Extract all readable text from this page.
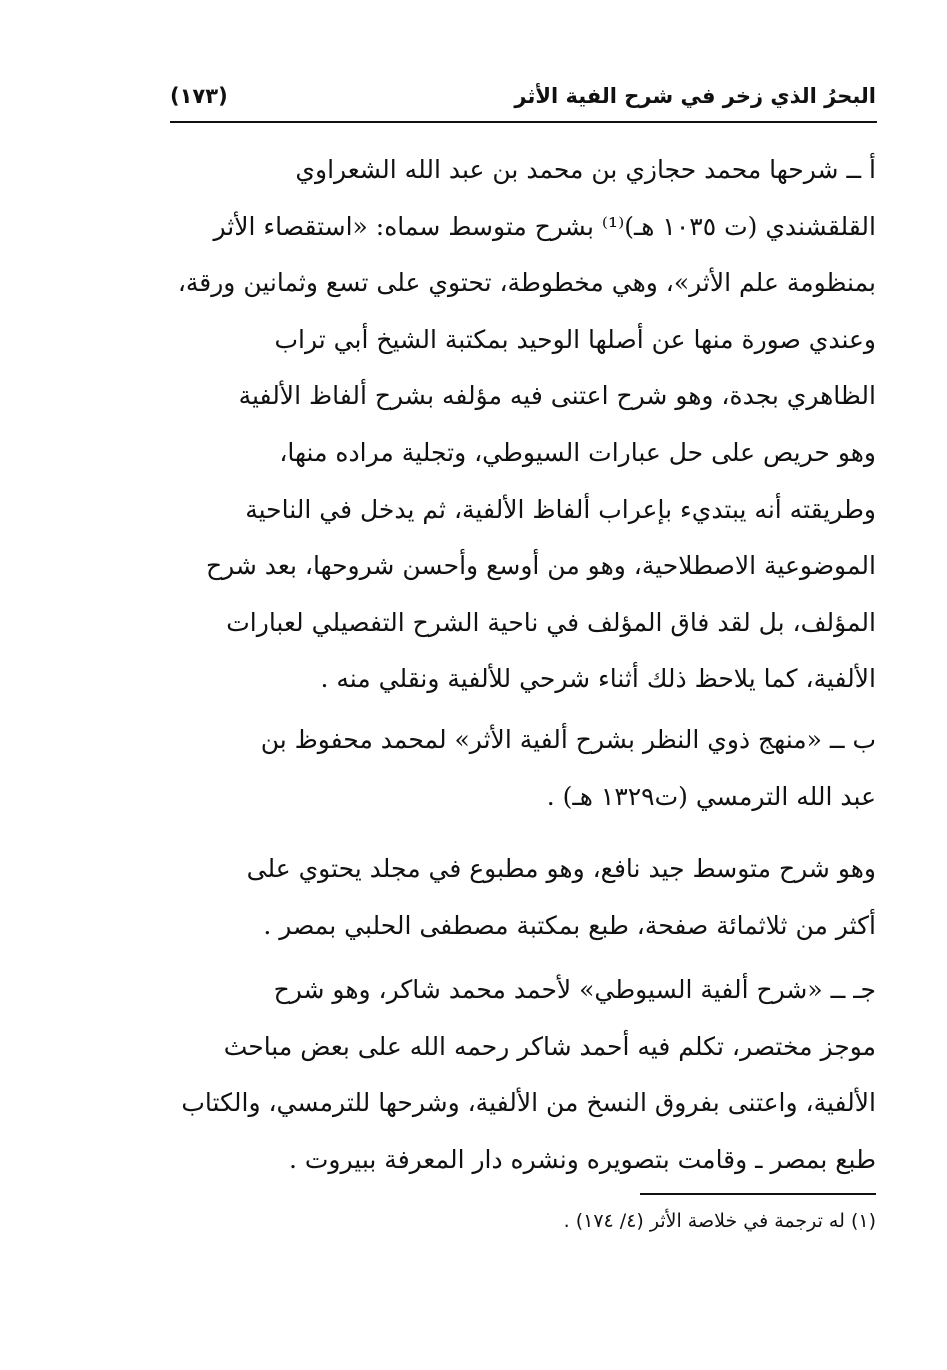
البحرُ الذي زخر في شرح الفية الأثر
(١٧٣)

أ ــ شرحها محمد حجازي بن محمد بن عبد الله الشعراوي

القلقشندي (ت ١٠٣٥ هـ)⁽¹⁾ بشرح متوسط سماه: «استقصاء الأثر

بمنظومة علم الأثر»، وهي مخطوطة، تحتوي على تسع وثمانين ورقة،

وعندي صورة منها عن أصلها الوحيد بمكتبة الشيخ أبي تراب

الظاهري بجدة، وهو شرح اعتنى فيه مؤلفه بشرح ألفاظ الألفية

وهو حريص على حل عبارات السيوطي، وتجلية مراده منها،

وطريقته أنه يبتديء بإعراب ألفاظ الألفية، ثم يدخل في الناحية

الموضوعية الاصطلاحية، وهو من أوسع وأحسن شروحها، بعد شرح

المؤلف، بل لقد فاق المؤلف في ناحية الشرح التفصيلي لعبارات

الألفية، كما يلاحظ ذلك أثناء شرحي للألفية ونقلي منه .

ب ــ «منهج ذوي النظر بشرح ألفية الأثر» لمحمد محفوظ بن

عبد الله الترمسي (ت١٣٢٩ هـ) .

وهو شرح متوسط جيد نافع، وهو مطبوع في مجلد يحتوي على

أكثر من ثلاثمائة صفحة، طبع بمكتبة مصطفى الحلبي بمصر .

جـ ــ «شرح ألفية السيوطي» لأحمد محمد شاكر، وهو شرح

موجز مختصر، تكلم فيه أحمد شاكر رحمه الله على بعض مباحث

الألفية، واعتنى بفروق النسخ من الألفية، وشرحها للترمسي، والكتاب

طبع بمصر ـ وقامت بتصويره ونشره دار المعرفة ببيروت .

(١) له ترجمة في خلاصة الأثر (٤/ ١٧٤) .
